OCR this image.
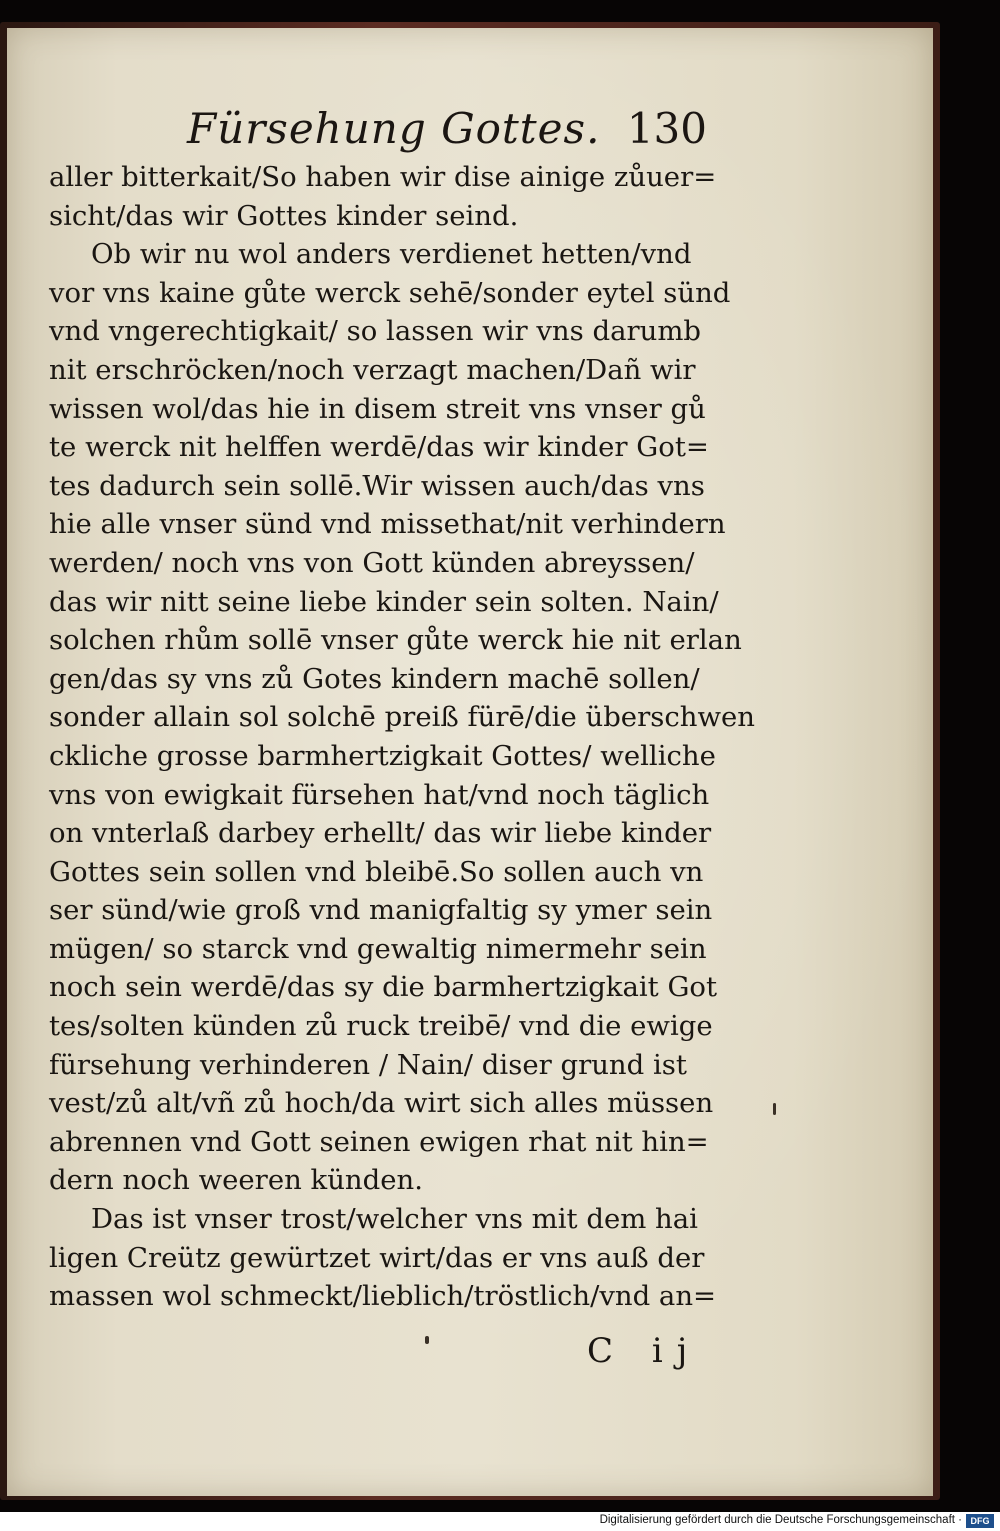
Fürsehung Gottes. 130
aller bitterkait/So haben wir dise ainige zůuer=
sicht/das wir Gottes kinder seind.
Ob wir nu wol anders verdienet hetten/vnd
vor vns kaine gůte werck sehē/sonder eytel sünd
vnd vngerechtigkait/ so lassen wir vns darumb
nit erschröcken/noch verzagt machen/Dañ wir
wissen wol/das hie in disem streit vns vnser gů
te werck nit helffen werdē/das wir kinder Got=
tes dadurch sein sollē.Wir wissen auch/das vns
hie alle vnser sünd vnd missethat/nit verhindern
werden/ noch vns von Gott künden abreyssen/
das wir nitt seine liebe kinder sein solten. Nain/
solchen rhům sollē vnser gůte werck hie nit erlan
gen/das sy vns zů Gotes kindern machē sollen/
sonder allain sol solchē preiß fürē/die überschwen
ckliche grosse barmhertzigkait Gottes/ welliche
vns von ewigkait fürsehen hat/vnd noch täglich
on vnterlaß darbey erhellt/ das wir liebe kinder
Gottes sein sollen vnd bleibē.So sollen auch vn
ser sünd/wie groß vnd manigfaltig sy ymer sein
mügen/ so starck vnd gewaltig nimermehr sein
noch sein werdē/das sy die barmhertzigkait Got
tes/solten künden zů ruck treibē/ vnd die ewige
fürsehung verhinderen / Nain/ diser grund ist
vest/zů alt/vñ zů hoch/da wirt sich alles müssen
abrennen vnd Gott seinen ewigen rhat nit hin=
dern noch weeren künden.
Das ist vnser trost/welcher vns mit dem hai
ligen Creütz gewürtzet wirt/das er vns auß der
massen wol schmeckt/lieblich/tröstlich/vnd an=
C ij
Digitalisierung gefördert durch die Deutsche Forschungsgemeinschaft · DFG
